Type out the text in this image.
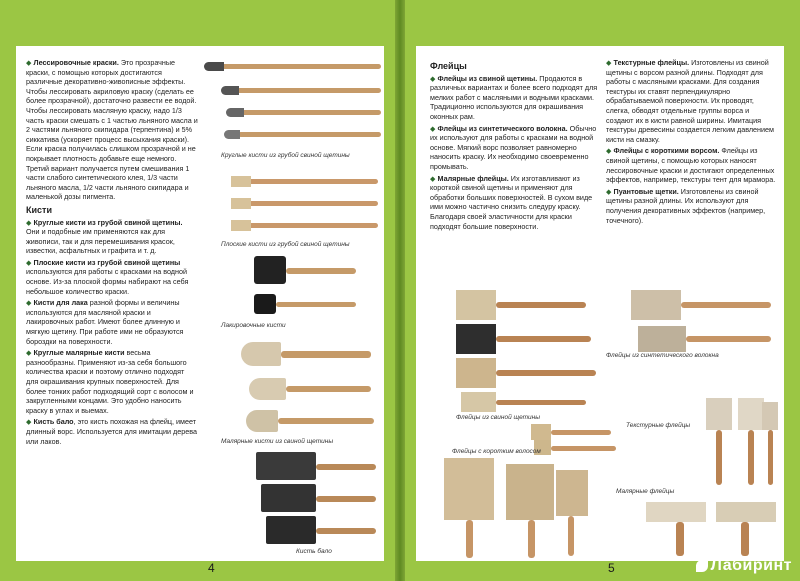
◆ Лессировочные краски. Это прозрачные краски, с помощью которых достигаются различные декоративно-живописные эффекты. Чтобы лессировать акриловую краску (сделать ее более прозрачной), достаточно развести ее водой. Чтобы лессировать масляную краску, надо 1/3 часть краски смешать с 1 частью льняного масла и 2 частями льняного скипидара (терпентина) и 5% сиккатива (ускоряет процесс высыхания краски). Если краска получилась слишком прозрачной и не покрывает плотность добавьте еще немного. Третий вариант получается путем смешивания 1 части слабого синтетического клея, 1/3 части льняного масла, 1/2 части льняного скипидара и маленькой дозы пигмента.

Кисти

◆ Круглые кисти из грубой свиной щетины. Они и подобные им применяются как для живописи, так и для перемешивания красок, известки, асфальтных и графита и т. д.

◆ Плоские кисти из грубой свиной щетины используются для работы с красками на водной основе. Из-за плоской формы набирают на себя небольшое количество краски.

◆ Кисти для лака разной формы и величины используются для масляной краски и лакировочных работ. Имеют более длинную и мягкую щетину. При работе ими не образуются бороздки на поверхности.

◆ Круглые малярные кисти весьма разнообразны. Применяют из-за себя большого количества краски и поэтому отлично подходят для окрашивания крупных поверхностей. Для более тонких работ подходящий сорт с волосом и закругленными концами. Это удобно наносить краску в углах и выемах.

◆ Кисть бало, это кисть похожая на флейц, имеет длинный ворс. Используется для имитации дерева или лаков.

Круглые кисти из грубой свиной щетины
Плоские кисти из грубой свиной щетины
Лакировочные кисти
Малярные кисти из свиной щетины
Кисть бало
4
Флейцы

◆ Флейцы из свиной щетины. Продаются в различных вариантах и более всего подходят для мелких работ с масляными и водными красками. Традиционно используются для окрашивания оконных рам.

◆ Флейцы из синтетического волокна. Обычно их используют для работы с красками на водной основе. Мягкий ворс позволяет равномерно наносить краску. Их необходимо своевременно промывать.

◆ Малярные флейцы. Их изготавливают из короткой свиной щетины и применяют для обработки больших поверхностей. В сухом виде ими можно частично снизить следуру краску. Благодаря своей эластичности для краски подходят большие поверхности.

◆ Текстурные флейцы. Изготовлены из свиной щетины с ворсом разной длины. Подходят для работы с масляными красками. Для создания текстуры их ставят перпендикулярно обрабатываемой поверхности. Их проводят, слегка, обводят отдельные группы ворса и создают их в кисти равной ширины. Имитация текстуры древесины создается легким давлением кисти на смазку.

◆ Флейцы с короткими ворсом. Флейцы из свиной щетины, с помощью которых наносят лессировочные краски и достигают определенных эффектов, например, текстуры тент для мрамора.

◆ Пуантовые щетки. Изготовлены из свиной щетины разной длины. Их используют для получения декоративных эффектов (например, точечного).

Флейцы из синтетического волокна
Флейцы из свиной щетины
Флейцы с коротким волосом
Текстурные флейцы
Малярные флейцы
5	Лабиринт
